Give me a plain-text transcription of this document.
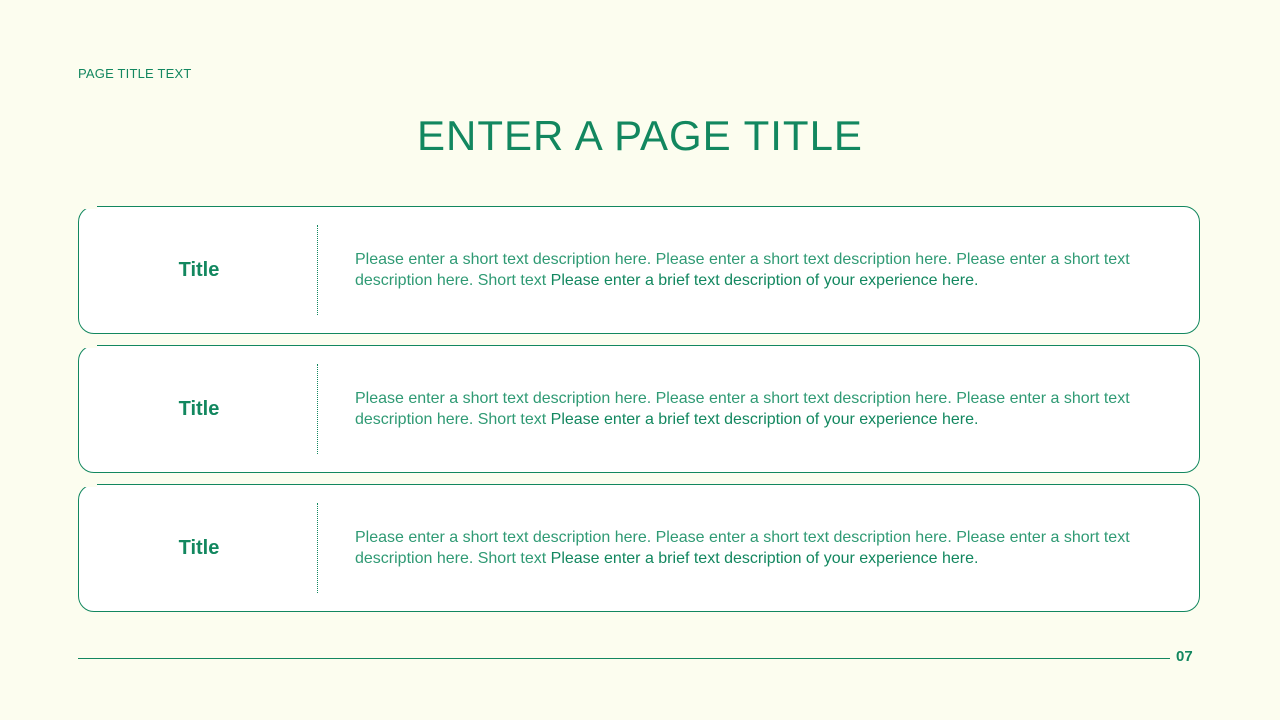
PAGE TITLE TEXT
ENTER A PAGE TITLE
Title	Please enter a short text description here. Please enter a short text description here. Please enter a short text description here. Short text Please enter a brief text description of your experience here.
Title	Please enter a short text description here. Please enter a short text description here. Please enter a short text description here. Short text Please enter a brief text description of your experience here.
Title	Please enter a short text description here. Please enter a short text description here. Please enter a short text description here. Short text Please enter a brief text description of your experience here.
07
